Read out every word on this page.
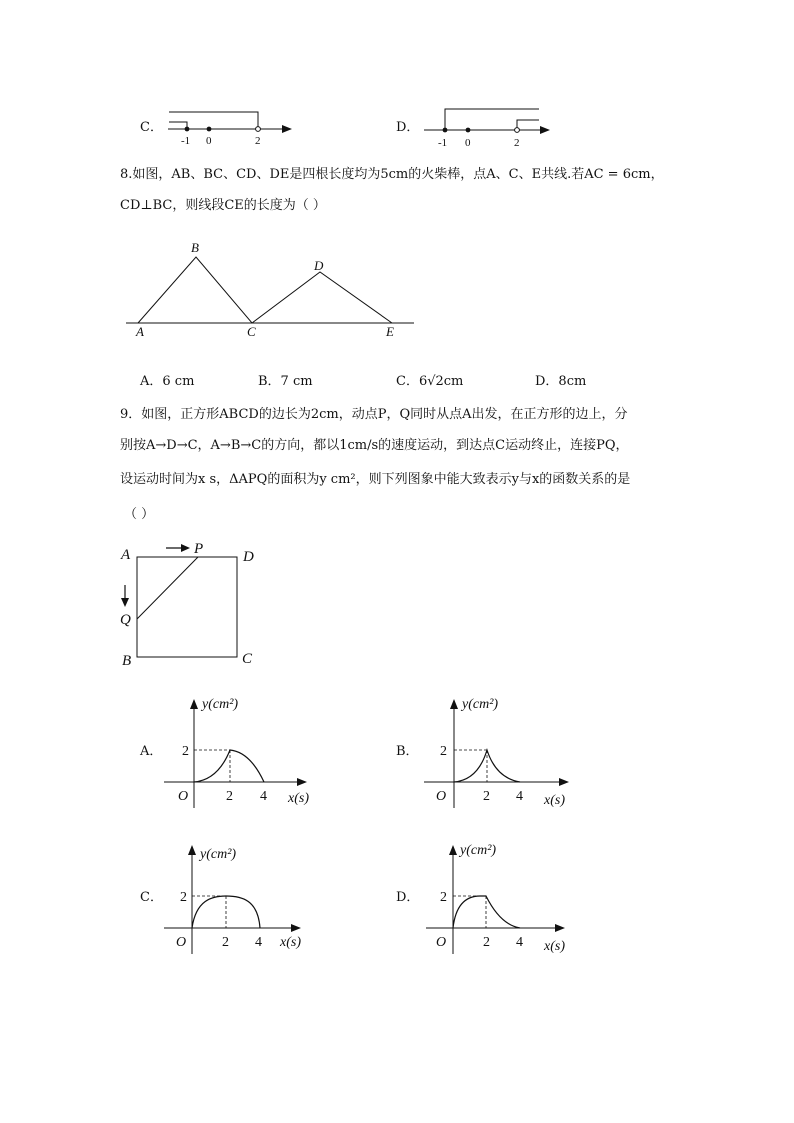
C．
-1 0	2
D．
-1 0	2
8.如图，AB、BC、CD、DE是四根长度均为5cm的火柴棒，点A、C、E共线.若AC = 6cm，
CD⊥BC，则线段CE的长度为（ ）
B
D
A	C	E
A．6 cm	B．7 cm	C．6√2cm	D．8cm
9．如图，正方形ABCD的边长为2cm，动点P，Q同时从点A出发，在正方形的边上，分
别按A→D→C，A→B→C的方向，都以1cm/s的速度运动，到达点C运动终止，连接PQ，
设运动时间为x s，ΔAPQ的面积为y cm²，则下列图象中能大致表示y与x的函数关系的是
（ ）
A	P	D
Q
B	C
A．
y(cm²)
2
O	2 4 x(s)
B．
y(cm²)
2
O	2 4 x(s)
C．
y(cm²)
2
O	2 4 x(s)
D．
y(cm²)
2
O	2 4 x(s)
